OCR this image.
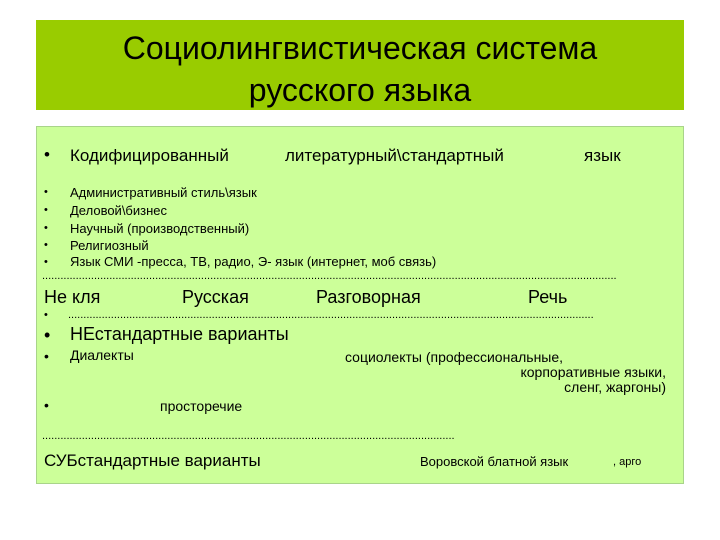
Социолингвистическая система
русского языка
• Кодифицированный	литературный\стандартный	язык
• Административный стиль\язык
• Деловой\бизнес
• Научный (производственный)
• Религиозный
• Язык СМИ -пресса, ТВ, радио, Э- язык (интернет, моб связь)
............................................................................................................................................................................................
Не кля	Русская	Разговорная	Речь
• ............................................................................................................................................................................
• НЕстандартные варианты
• Диалекты	социолекты (профессиональные,
корпоративные языки,
сленг, жаргоны)
•	просторечие
.......................................................................................................................................
СУБстандартные варианты	Воровской блатной язык	, арго
